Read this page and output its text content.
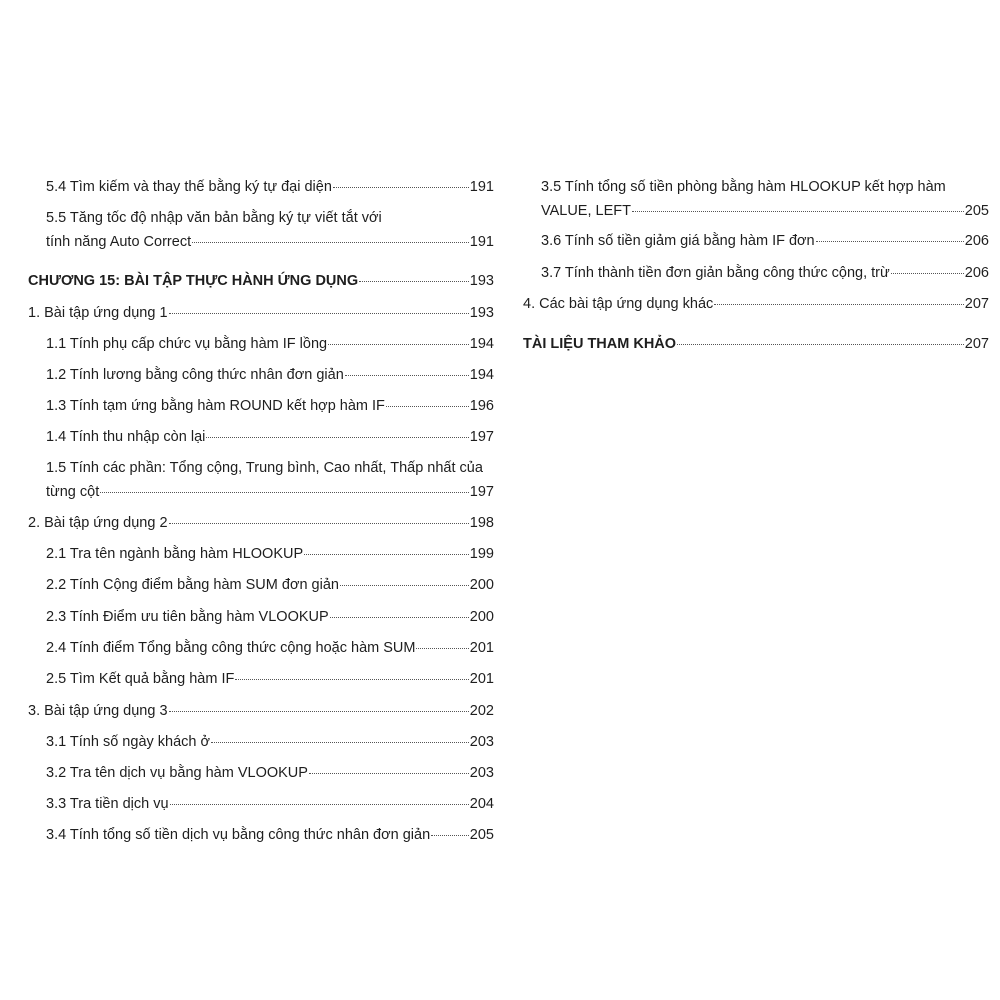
5.4 Tìm kiếm và thay thế bằng ký tự đại diện	191
5.5 Tăng tốc độ nhập văn bản bằng ký tự viết tắt với
tính năng Auto Correct	191
CHƯƠNG 15: BÀI TẬP THỰC HÀNH ỨNG DỤNG	193
1. Bài tập ứng dụng 1	193
1.1 Tính phụ cấp chức vụ bằng hàm IF lồng	194
1.2 Tính lương bằng công thức nhân đơn giản	194
1.3 Tính tạm ứng bằng hàm ROUND kết hợp hàm IF	196
1.4 Tính thu nhập còn lại	197
1.5 Tính các phần: Tổng cộng, Trung bình, Cao nhất, Thấp nhất của
từng cột	197
2. Bài tập ứng dụng 2	198
2.1 Tra tên ngành bằng hàm HLOOKUP	199
2.2 Tính Cộng điểm bằng hàm SUM đơn giản	200
2.3 Tính Điểm ưu tiên bằng hàm VLOOKUP	200
2.4 Tính điểm Tổng bằng công thức cộng hoặc hàm SUM	201
2.5 Tìm Kết quả bằng hàm IF	201
3. Bài tập ứng dụng 3	202
3.1 Tính số ngày khách ở	203
3.2 Tra tên dịch vụ bằng hàm VLOOKUP	203
3.3 Tra tiền dịch vụ	204
3.4 Tính tổng số tiền dịch vụ bằng công thức nhân đơn giản	205
3.5 Tính tổng số tiền phòng bằng hàm HLOOKUP kết hợp hàm
VALUE, LEFT	205
3.6 Tính số tiền giảm giá bằng hàm IF đơn	206
3.7 Tính thành tiền đơn giản bằng công thức cộng, trừ	206
4. Các bài tập ứng dụng khác	207
TÀI LIỆU THAM KHẢO	207
